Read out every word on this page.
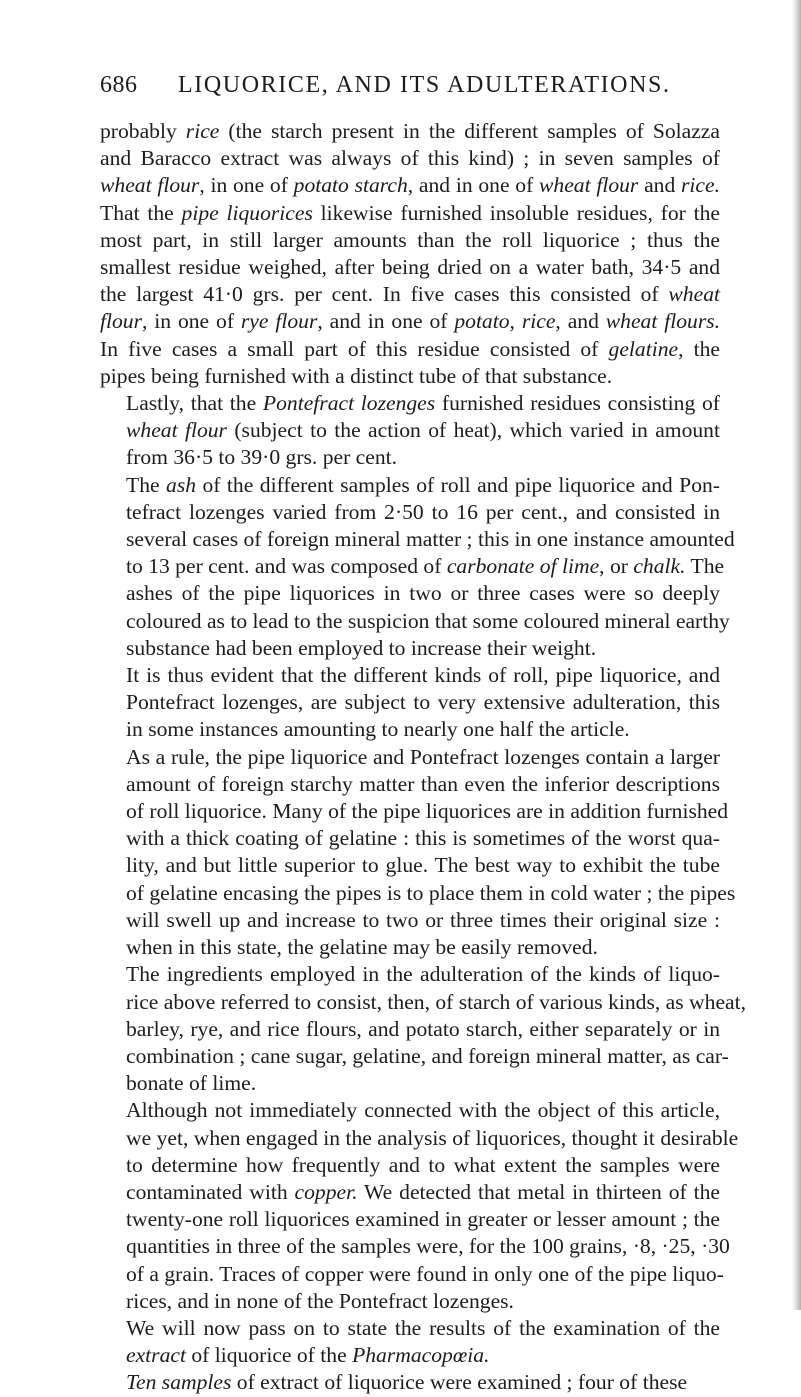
686 LIQUORICE, AND ITS ADULTERATIONS.

probably rice (the starch present in the different samples of Solazza
and Baracco extract was always of this kind) ; in seven samples of
wheat flour, in one of potato starch, and in one of wheat flour and rice.
That the pipe liquorices likewise furnished insoluble residues, for the
most part, in still larger amounts than the roll liquorice ; thus the
smallest residue weighed, after being dried on a water bath, 34·5 and
the largest 41·0 grs. per cent. In five cases this consisted of wheat
flour, in one of rye flour, and in one of potato, rice, and wheat flours.
In five cases a small part of this residue consisted of gelatine, the
pipes being furnished with a distinct tube of that substance.

Lastly, that the Pontefract lozenges furnished residues consisting of
wheat flour (subject to the action of heat), which varied in amount
from 36·5 to 39·0 grs. per cent.

The ash of the different samples of roll and pipe liquorice and Pon-
tefract lozenges varied from 2·50 to 16 per cent., and consisted in
several cases of foreign mineral matter ; this in one instance amounted
to 13 per cent. and was composed of carbonate of lime, or chalk. The
ashes of the pipe liquorices in two or three cases were so deeply
coloured as to lead to the suspicion that some coloured mineral earthy
substance had been employed to increase their weight.

It is thus evident that the different kinds of roll, pipe liquorice, and
Pontefract lozenges, are subject to very extensive adulteration, this
in some instances amounting to nearly one half the article.

As a rule, the pipe liquorice and Pontefract lozenges contain a larger
amount of foreign starchy matter than even the inferior descriptions
of roll liquorice. Many of the pipe liquorices are in addition furnished
with a thick coating of gelatine : this is sometimes of the worst qua-
lity, and but little superior to glue. The best way to exhibit the tube
of gelatine encasing the pipes is to place them in cold water ; the pipes
will swell up and increase to two or three times their original size :
when in this state, the gelatine may be easily removed.

The ingredients employed in the adulteration of the kinds of liquo-
rice above referred to consist, then, of starch of various kinds, as wheat,
barley, rye, and rice flours, and potato starch, either separately or in
combination ; cane sugar, gelatine, and foreign mineral matter, as car-
bonate of lime.

Although not immediately connected with the object of this article,
we yet, when engaged in the analysis of liquorices, thought it desirable
to determine how frequently and to what extent the samples were
contaminated with copper. We detected that metal in thirteen of the
twenty-one roll liquorices examined in greater or lesser amount ; the
quantities in three of the samples were, for the 100 grains, ·8, ·25, ·30
of a grain. Traces of copper were found in only one of the pipe liquo-
rices, and in none of the Pontefract lozenges.

We will now pass on to state the results of the examination of the
extract of liquorice of the Pharmacopœia.

Ten samples of extract of liquorice were examined ; four of these
